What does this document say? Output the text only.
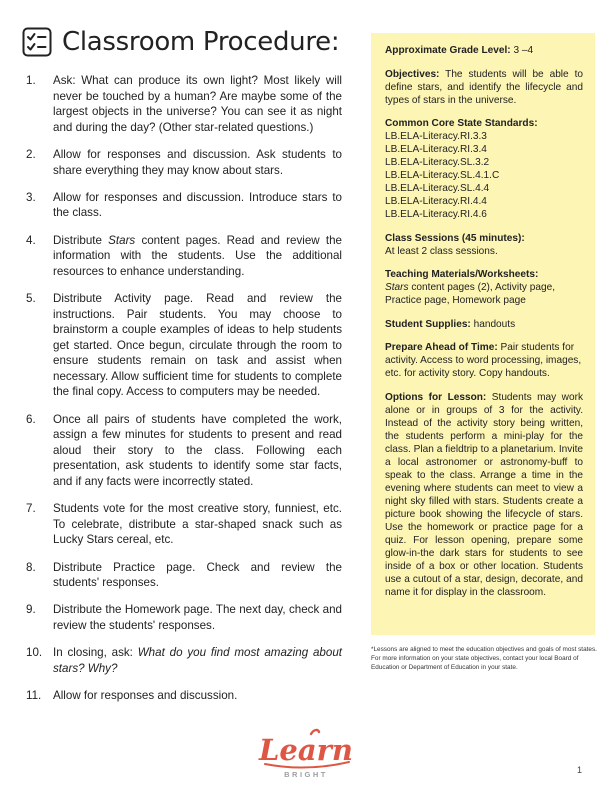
Classroom Procedure:
1.	Ask: What can produce its own light? Most likely will never be touched by a human? Are maybe some of the largest objects in the universe? You can see it as night and during the day? (Other star-related questions.)
2.	Allow for responses and discussion. Ask students to share everything they may know about stars.
3.	Allow for responses and discussion. Introduce stars to the class.
4.	Distribute Stars content pages. Read and review the information with the students. Use the additional resources to enhance understanding.
5.	Distribute Activity page. Read and review the instructions. Pair students. You may choose to brainstorm a couple examples of ideas to help students get started. Once begun, circulate through the room to ensure students remain on task and assist when necessary. Allow sufficient time for students to complete the final copy. Access to computers may be needed.
6.	Once all pairs of students have completed the work, assign a few minutes for students to present and read aloud their story to the class. Following each presentation, ask students to identify some star facts, and if any facts were incorrectly stated.
7.	Students vote for the most creative story, funniest, etc. To celebrate, distribute a star-shaped snack such as Lucky Stars cereal, etc.
8.	Distribute Practice page. Check and review the students' responses.
9.	Distribute the Homework page. The next day, check and review the students' responses.
10. In closing, ask: What do you find most amazing about stars? Why?
11.	Allow for responses and discussion.
Approximate Grade Level: 3 –4
Objectives: The students will be able to define stars, and identify the lifecycle and types of stars in the universe.
Common Core State Standards:
LB.ELA-Literacy.RI.3.3
LB.ELA-Literacy.RI.3.4
LB.ELA-Literacy.SL.3.2
LB.ELA-Literacy.SL.4.1.C
LB.ELA-Literacy.SL.4.4
LB.ELA-Literacy.RI.4.4
LB.ELA-Literacy.RI.4.6
Class Sessions (45 minutes):
At least 2 class sessions.
Teaching Materials/Worksheets:
Stars content pages (2), Activity page, Practice page, Homework page
Student Supplies: handouts
Prepare Ahead of Time: Pair students for activity. Access to word processing, images, etc. for activity story. Copy handouts.
Options for Lesson: Students may work alone or in groups of 3 for the activity. Instead of the activity story being written, the students perform a mini-play for the class. Plan a fieldtrip to a planetarium. Invite a local astronomer or astronomy-buff to speak to the class. Arrange a time in the evening where students can meet to view a night sky filled with stars. Students create a picture book showing the lifecycle of stars. Use the homework or practice page for a quiz. For lesson opening, prepare some glow-in-the dark stars for students to see inside of a box or other location. Students use a cutout of a star, design, decorate, and name it for display in the classroom.
*Lessons are aligned to meet the education objectives and goals of most states. For more information on your state objectives, contact your local Board of Education or Department of Education in your state.
Learn
BRIGHT	1
